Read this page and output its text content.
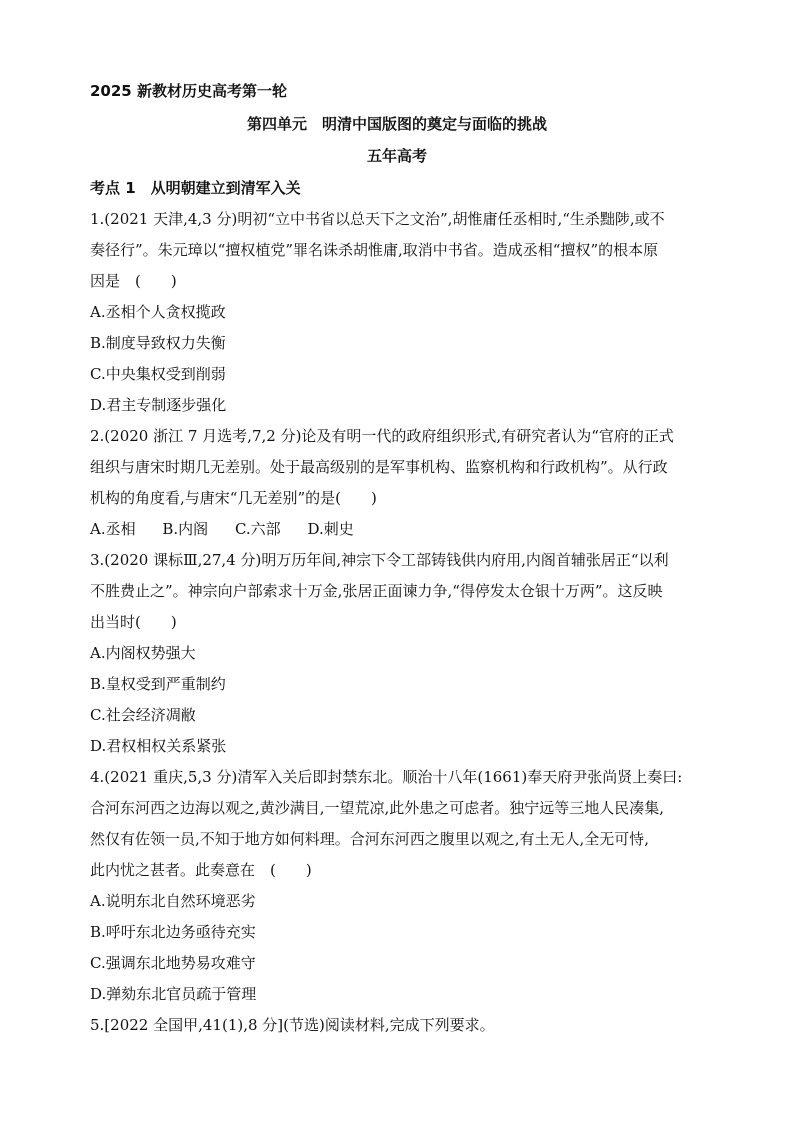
2025 新教材历史高考第一轮
第四单元　明清中国版图的奠定与面临的挑战
五年高考
考点 1　从明朝建立到清军入关
1.(2021 天津,4,3 分)明初“立中书省以总天下之文治”,胡惟庸任丞相时,“生杀黜陟,或不
奏径行”。朱元璋以“擅权植党”罪名诛杀胡惟庸,取消中书省。造成丞相“擅权”的根本原
因是　(　　)
A.丞相个人贪权揽政
B.制度导致权力失衡
C.中央集权受到削弱
D.君主专制逐步强化
2.(2020 浙江 7 月选考,7,2 分)论及有明一代的政府组织形式,有研究者认为“官府的正式
组织与唐宋时期几无差别。处于最高级别的是军事机构、监察机构和行政机构”。从行政
机构的角度看,与唐宋“几无差别”的是(　　)
A.丞相 B.内阁 C.六部 D.刺史
3.(2020 课标Ⅲ,27,4 分)明万历年间,神宗下令工部铸钱供内府用,内阁首辅张居正“以利
不胜费止之”。神宗向户部索求十万金,张居正面谏力争,“得停发太仓银十万两”。这反映
出当时(　　)
A.内阁权势强大
B.皇权受到严重制约
C.社会经济凋敝
D.君权相权关系紧张
4.(2021 重庆,5,3 分)清军入关后即封禁东北。顺治十八年(1661)奉天府尹张尚贤上奏曰:
合河东河西之边海以观之,黄沙满目,一望荒凉,此外患之可虑者。独宁远等三地人民凑集,
然仅有佐领一员,不知于地方如何料理。合河东河西之腹里以观之,有土无人,全无可恃,
此内忧之甚者。此奏意在　(　　)
A.说明东北自然环境恶劣
B.呼吁东北边务亟待充实
C.强调东北地势易攻难守
D.弹劾东北官员疏于管理
5.[2022 全国甲,41(1),8 分](节选)阅读材料,完成下列要求。
